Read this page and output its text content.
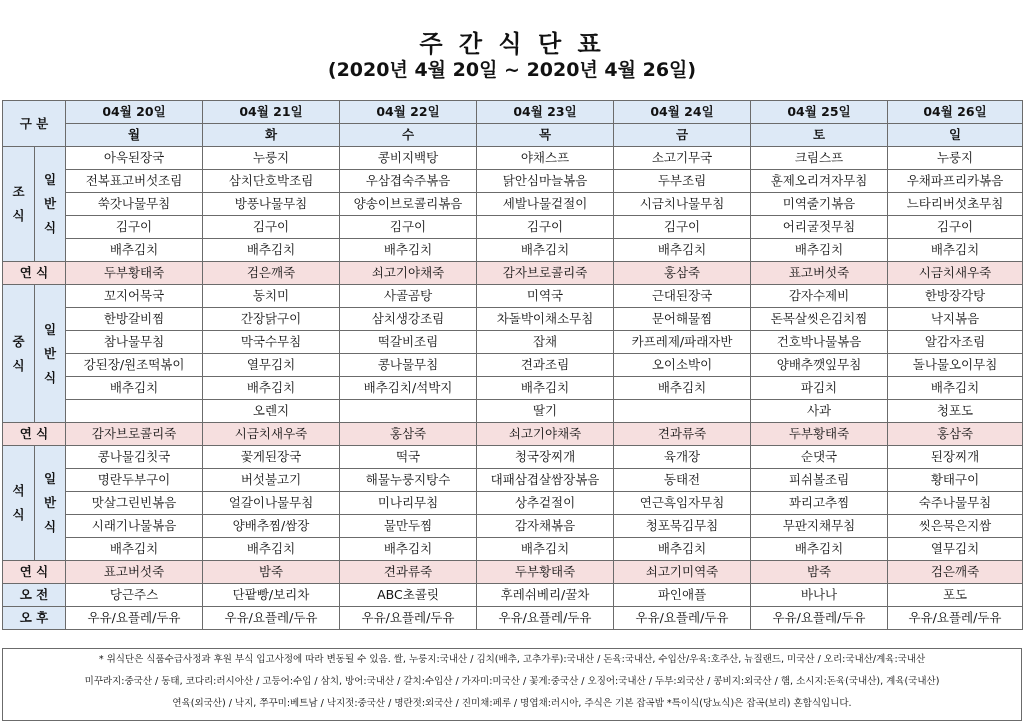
주 간 식 단 표
(2020년 4월 20일 ~ 2020년 4월 26일)
구 분		04월 20일	04월 21일	04월 22일	04월 23일	04월 24일	04월 25일	04월 26일
		월	화	수	목	금	토	일
조
식	일
반
식	아욱된장국	누룽지	콩비지백탕	야채스프	소고기무국	크림스프	누룽지
		전복표고버섯조림	삼치단호박조림	우삼겹숙주볶음	닭안심마늘볶음	두부조림	훈제오리겨자무침	우채파프리카볶음
		쑥갓나물무침	방풍나물무침	양송이브로콜리볶음	세발나물겉절이	시금치나물무침	미역줄기볶음	느타리버섯초무침
		김구이	김구이	김구이	김구이	김구이	어리굴젓무침	김구이
		배추김치	배추김치	배추김치	배추김치	배추김치	배추김치	배추김치
연 식		두부황태죽	검은깨죽	쇠고기야채죽	감자브로콜리죽	홍삼죽	표고버섯죽	시금치새우죽
중
식	일
반
식	꼬지어묵국	동치미	사골곰탕	미역국	근대된장국	감자수제비	한방장각탕
		한방갈비찜	간장닭구이	삼치생강조림	차돌박이채소무침	문어해물찜	돈목살씻은김치찜	낙지볶음
		참나물무침	막국수무침	떡갈비조림	잡채	카프레제/파래자반	건호박나물볶음	알감자조림
		강된장/원조떡볶이	열무김치	콩나물무침	견과조림	오이소박이	양배추깻잎무침	돌나물오이무침
		배추김치	배추김치	배추김치/석박지	배추김치	배추김치	파김치	배추김치
			오렌지		딸기		사과	청포도
연 식		감자브로콜리죽	시금치새우죽	홍삼죽	쇠고기야채죽	견과류죽	두부황태죽	홍삼죽
석
식	일
반
식	콩나물김칫국	꽃게된장국	떡국	청국장찌개	육개장	순댓국	된장찌개
		명란두부구이	버섯불고기	해물누룽지탕수	대패삼겹살쌈장볶음	동태전	피쉬볼조림	황태구이
		맛살그린빈볶음	얼갈이나물무침	미나리무침	상추겉절이	연근흑임자무침	꽈리고추찜	숙주나물무침
		시래기나물볶음	양배추찜/쌈장	물만두찜	감자채볶음	청포묵김무침	무판지채무침	씻은묵은지쌈
		배추김치	배추김치	배추김치	배추김치	배추김치	배추김치	열무김치
연 식		표고버섯죽	밤죽	견과류죽	두부황태죽	쇠고기미역죽	밤죽	검은깨죽
오 전		당근주스	단팥빵/보리차	ABC초콜릿	후레쉬베리/꿀차	파인애플	바나나	포도
오 후		우유/요플레/두유	우유/요플레/두유	우유/요플레/두유	우유/요플레/두유	우유/요플레/두유	우유/요플레/두유	우유/요플레/두유
* 위식단은 식품수급사정과 후원 부식 입고사정에 따라 변동될 수 있음. 쌀, 누룽지:국내산 / 김치(배추, 고추가루):국내산 / 돈육:국내산, 수입산/우육:호주산, 뉴질랜드, 미국산 / 오리:국내산/계육:국내산
미꾸라지:중국산 / 동태, 코다리:러시아산 / 고등어:수입 / 삼치, 방어:국내산 / 갈치:수입산 / 가자미:미국산 / 꽃게:중국산 / 오징어:국내산 / 두부:외국산 / 콩비지:외국산 / 햄, 소시지:돈육(국내산), 계육(국내산)
연육(외국산) / 낙지, 쭈꾸미:베트남 / 낙지젓:중국산 / 명란젓:외국산 / 진미채:페루 / 명엽채:러시아, 주식은 기본 잡곡밥 *특이식(당뇨식)은 잡곡(보리) 혼합식입니다.
